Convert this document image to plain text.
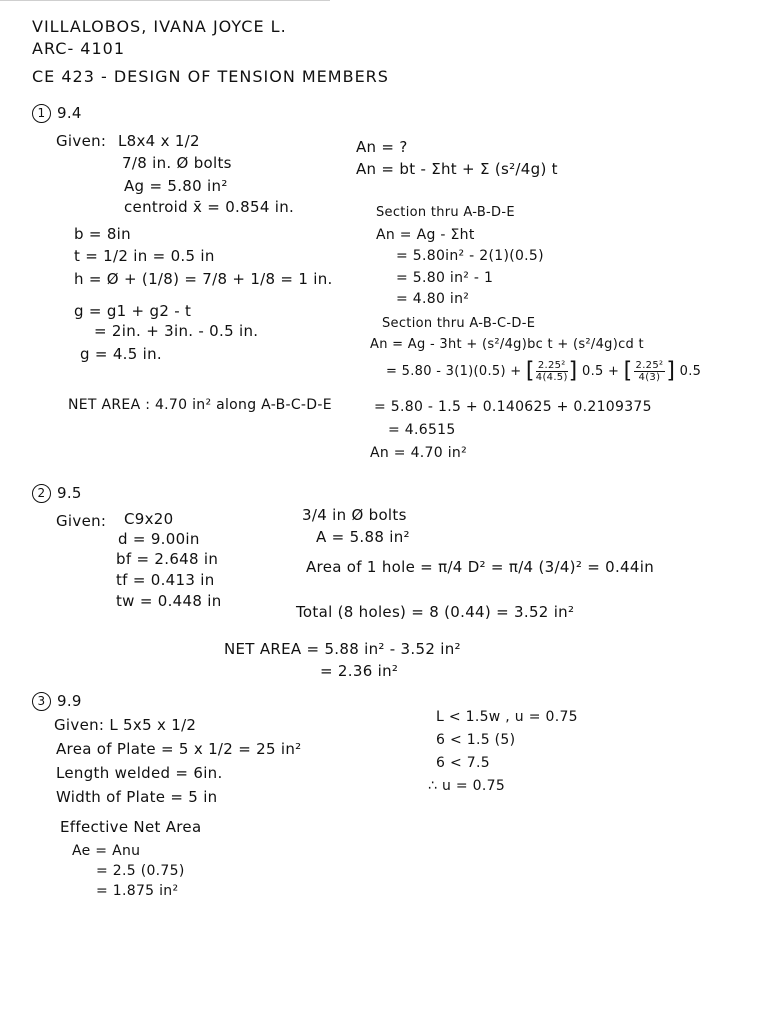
VILLALOBOS, IVANA JOYCE L.
ARC- 4101
CE 423 - DESIGN OF TENSION MEMBERS
1 9.4
Given: L8x4 x 1/2
7/8 in. Ø bolts
Ag = 5.80 in²
centroid x̄ = 0.854 in.
b = 8in
t = 1/2 in = 0.5 in
h = Ø + (1/8) = 7/8 + 1/8 = 1 in.
g = g1 + g2 - t
= 2in. + 3in. - 0.5 in.
g = 4.5 in.
An = ?
An = bt - Σht + Σ (s²/4g) t
Section thru A-B-D-E
An = Ag - Σht
= 5.80in² - 2(1)(0.5)
= 5.80 in² - 1
= 4.80 in²
Section thru A-B-C-D-E
An = Ag - 3ht + (s²/4g)bc t + (s²/4g)cd t
= 5.80 - 3(1)(0.5) + [ $\frac{\text{2.25²}}{4(4.5)}$ ] 0.5 + [ $\frac{\text{2.25²}}{4(3)}$ ] 0.5
= 5.80 - 1.5 + 0.140625 + 0.2109375
= 4.6515
An = 4.70 in²
NET AREA : 4.70 in² along A-B-C-D-E
2 9.5
Given: C9x20
d = 9.00in
bf = 2.648 in
tf = 0.413 in
tw = 0.448 in
3/4 in Ø bolts
A = 5.88 in²
Area of 1 hole = π/4 D² = π/4 (3/4)² = 0.44in
Total (8 holes) = 8 (0.44) = 3.52 in²
NET AREA = 5.88 in² - 3.52 in²
= 2.36 in²
3 9.9
Given: L 5x5 x 1/2
Area of Plate = 5 x 1/2 = 25 in²
Length welded = 6in.
Width of Plate = 5 in
L < 1.5w , u = 0.75
6 < 1.5 (5)
6 < 7.5
∴ u = 0.75
Effective Net Area
Ae = Anu
= 2.5 (0.75)
= 1.875 in²
